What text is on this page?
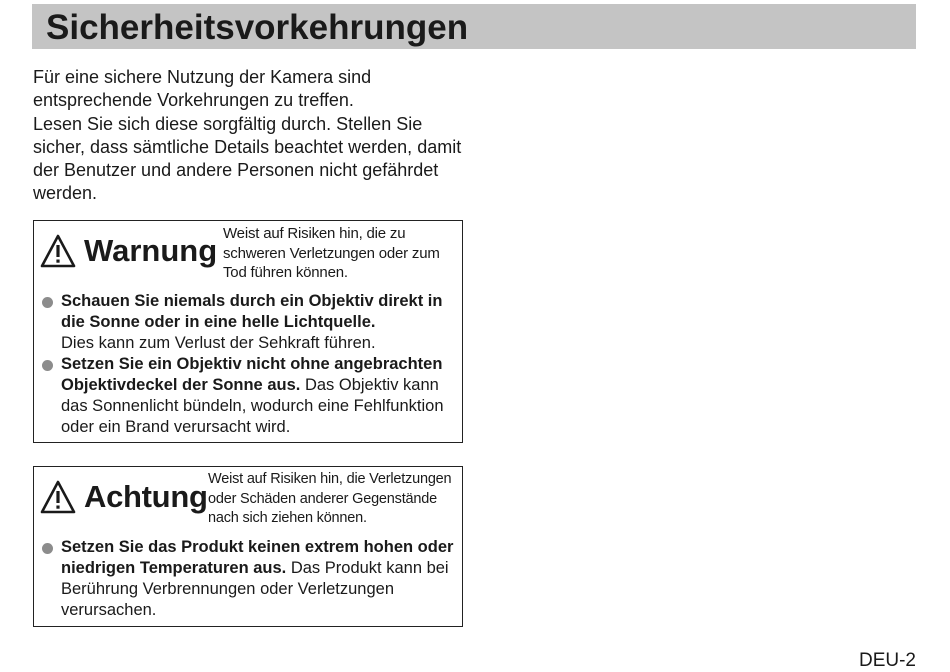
Sicherheitsvorkehrungen

Für eine sichere Nutzung der Kamera sind entsprechende Vorkehrungen zu treffen.

Lesen Sie sich diese sorgfältig durch. Stellen Sie sicher, dass sämtliche Details beachtet werden, damit der Benutzer und andere Personen nicht gefährdet werden.

Warnung Weist auf Risiken hin, die zu
schweren Verletzungen oder zum
Tod führen können.
Schauen Sie niemals durch ein Objektiv direkt in die Sonne oder in eine helle Lichtquelle.
Dies kann zum Verlust der Sehkraft führen.
Setzen Sie ein Objektiv nicht ohne angebrachten Objektivdeckel der Sonne aus. Das Objektiv kann das Sonnenlicht bündeln, wodurch eine Fehlfunktion oder ein Brand verursacht wird.
Achtung Weist auf Risiken hin, die Verletzungen
oder Schäden anderer Gegenstände
nach sich ziehen können.
Setzen Sie das Produkt keinen extrem hohen oder niedrigen Temperaturen aus. Das Produkt kann bei Berührung Verbrennungen oder Verletzungen verursachen.
DEU-2
